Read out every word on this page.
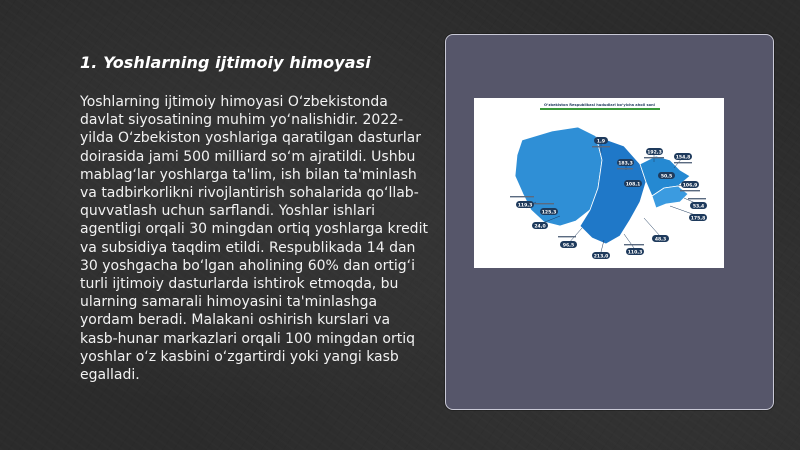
1. Yoshlarning ijtimoiy himoyasi

Yoshlarning ijtimoiy himoyasi O‘zbekistonda davlat siyosatining muhim yo‘nalishidir. 2022-yilda O‘zbekiston yoshlariga qaratilgan dasturlar doirasida jami 500 milliard so‘m ajratildi. Ushbu mablag‘lar yoshlarga ta'lim, ish bilan ta'minlash va tadbirkorlikni rivojlantirish sohalarida qo‘llab-quvvatlash uchun sarflandi. Yoshlar ishlari agentligi orqali 30 mingdan ortiq yoshlarga kredit va subsidiya taqdim etildi. Respublikada 14 dan 30 yoshgacha bo‘lgan aholining 60% dan ortig‘i turli ijtimoiy dasturlarda ishtirok etmoqda, bu ularning samarali himoyasini ta'minlashga yordam beradi. Malakani oshirish kurslari va kasb-hunar markazlari orqali 100 mingdan ortiq yoshlar o‘z kasbini o‘zgartirdi yoki yangi kasb egalladi.

O‘zbekiston Respublikasi hududlari bo‘yicha aholi soni
1,9
192,3
183,3
154,8
106,9
53,4
175,8
48,3
110,3
213,0
96,5
24,0
125,3
119,3
108,1
50,5
